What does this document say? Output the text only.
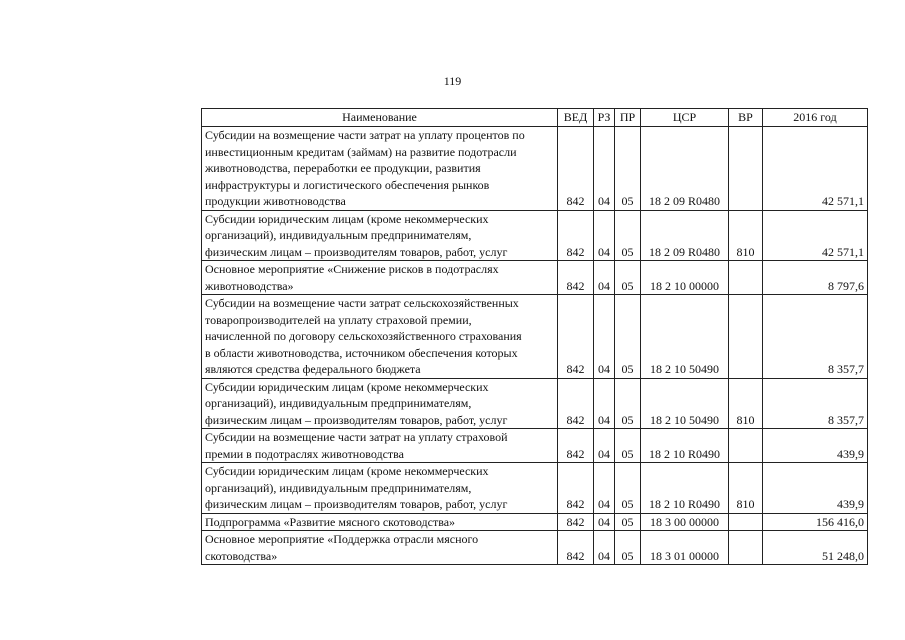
119
Наименование	ВЕД	РЗ	ПР	ЦСР	ВР	2016 год

Субсидии на возмещение части затрат на уплату процентов по
инвестиционным кредитам (займам) на развитие подотрасли
животноводства, переработки ее продукции, развития
инфраструктуры и логистического обеспечения рынков
продукции животноводства	842	04	05	18 2 09 R0480		42 571,1

Субсидии юридическим лицам (кроме некоммерческих
организаций), индивидуальным предпринимателям,
физическим лицам – производителям товаров, работ, услуг	842	04	05	18 2 09 R0480	810	42 571,1

Основное мероприятие «Снижение рисков в подотраслях
животноводства»	842	04	05	18 2 10 00000		8 797,6

Субсидии на возмещение части затрат сельскохозяйственных
товаропроизводителей на уплату страховой премии,
начисленной по договору сельскохозяйственного страхования
в области животноводства, источником обеспечения которых
являются средства федерального бюджета	842	04	05	18 2 10 50490		8 357,7

Субсидии юридическим лицам (кроме некоммерческих
организаций), индивидуальным предпринимателям,
физическим лицам – производителям товаров, работ, услуг	842	04	05	18 2 10 50490	810	8 357,7

Субсидии на возмещение части затрат на уплату страховой
премии в подотраслях животноводства	842	04	05	18 2 10 R0490		439,9

Субсидии юридическим лицам (кроме некоммерческих
организаций), индивидуальным предпринимателям,
физическим лицам – производителям товаров, работ, услуг	842	04	05	18 2 10 R0490	810	439,9

Подпрограмма «Развитие мясного скотоводства»	842	04	05	18 3 00 00000		156 416,0

Основное мероприятие «Поддержка отрасли мясного
скотоводства»	842	04	05	18 3 01 00000		51 248,0
